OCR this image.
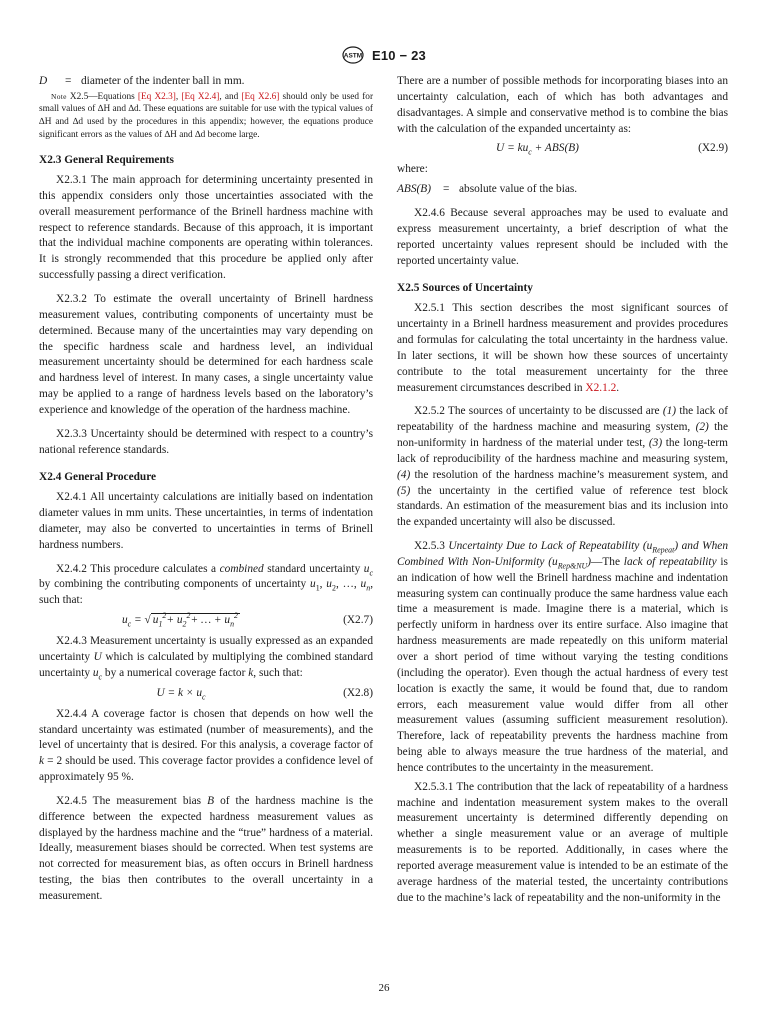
ASTM E10 − 23
D	= diameter of the indenter ball in mm.

Note X2.5—Equations [Eq X2.3], [Eq X2.4], and [Eq X2.6] should only be used for small values of ∆H and ∆d. These equations are suitable for use with the typical values of ∆H and ∆d used by the procedures in this appendix; however, the equations produce significant errors as the values of ∆H and ∆d become large.

X2.3 General Requirements

X2.3.1 The main approach for determining uncertainty presented in this appendix considers only those uncertainties associated with the overall measurement performance of the Brinell hardness machine with respect to reference standards. Because of this approach, it is important that the individual machine components are operating within tolerances. It is strongly recommended that this procedure be applied only after successfully passing a direct verification.

X2.3.2 To estimate the overall uncertainty of Brinell hardness measurement values, contributing components of uncertainty must be determined. Because many of the uncertainties may vary depending on the specific hardness scale and hardness level, an individual measurement uncertainty should be determined for each hardness scale and hardness level of interest. In many cases, a single uncertainty value may be applied to a range of hardness levels based on the laboratory’s experience and knowledge of the operation of the hardness machine.

X2.3.3 Uncertainty should be determined with respect to a country’s national reference standards.

X2.4 General Procedure

X2.4.1 All uncertainty calculations are initially based on indentation diameter values in mm units. These uncertainties, in terms of indentation diameter, may also be converted to uncertainties in terms of Brinell hardness numbers.

X2.4.2 This procedure calculates a combined standard uncertainty $u_c$ by combining the contributing components of uncertainty $u_1$, $u_2$, …, $u_n$, such that:

$u_c$ = √ $u_1^2+ u_2^2+$ … + $u_n^2$	(X2.7)

X2.4.3 Measurement uncertainty is usually expressed as an expanded uncertainty U which is calculated by multiplying the combined standard uncertainty $u_c$ by a numerical coverage factor k, such that:

$U = k \times u_c$	(X2.8)

X2.4.4 A coverage factor is chosen that depends on how well the standard uncertainty was estimated (number of measurements), and the level of uncertainty that is desired. For this analysis, a coverage factor of k = 2 should be used. This coverage factor provides a confidence level of approximately 95 %.

X2.4.5 The measurement bias B of the hardness machine is the difference between the expected hardness measurement values as displayed by the hardness machine and the “true” hardness of a material. Ideally, measurement biases should be corrected. When test systems are not corrected for measurement bias, as often occurs in Brinell hardness testing, the bias then contributes to the overall uncertainty in a measurement.

There are a number of possible methods for incorporating biases into an uncertainty calculation, each of which has both advantages and disadvantages. A simple and conservative method is to combine the bias with the calculation of the expanded uncertainty as:

$U = ku_c + ABS(B)$	(X2.9)

where:

ABS(B)	= absolute value of the bias.

X2.4.6 Because several approaches may be used to evaluate and express measurement uncertainty, a brief description of what the reported uncertainty values represent should be included with the reported uncertainty value.

X2.5 Sources of Uncertainty

X2.5.1 This section describes the most significant sources of uncertainty in a Brinell hardness measurement and provides procedures and formulas for calculating the total uncertainty in the hardness value. In later sections, it will be shown how these sources of uncertainty contribute to the total measurement uncertainty for the three measurement circumstances described in X2.1.2.

X2.5.2 The sources of uncertainty to be discussed are (1) the lack of repeatability of the hardness machine and measuring system, (2) the non-uniformity in hardness of the material under test, (3) the long-term lack of reproducibility of the hardness machine and measuring system, (4) the resolution of the hardness machine’s measurement system, and (5) the uncertainty in the certified value of reference test block standards. An estimation of the measurement bias and its inclusion into the expanded uncertainty will also be discussed.

X2.5.3 Uncertainty Due to Lack of Repeatability $(u_{Repeat})$ and When Combined With Non-Uniformity $(u_{Rep\&NU})—The$ lack of repeatability is an indication of how well the Brinell hardness machine and indentation measuring system can continually produce the same hardness value each time a measurement is made. Imagine there is a material, which is perfectly uniform in hardness over its entire surface. Also imagine that hardness measurements are made repeatedly on this uniform material over a short period of time without varying the testing conditions (including the operator). Even though the actual hardness of every test location is exactly the same, it would be found that, due to random errors, each measurement value would differ from all other measurement values (assuming sufficient measurement resolution). Therefore, lack of repeatability prevents the hardness machine from being able to always measure the true hardness of the material, and hence contributes to the uncertainty in the measurement.

X2.5.3.1 The contribution that the lack of repeatability of a hardness machine and indentation measurement system makes to the overall measurement uncertainty is determined differently depending on whether a single measurement value or an average of multiple measurements is to be reported. Additionally, in cases where the reported average measurement value is intended to be an estimate of the average hardness of the material tested, the uncertainty contributions due to the machine’s lack of repeatability and the non-uniformity in the

26
